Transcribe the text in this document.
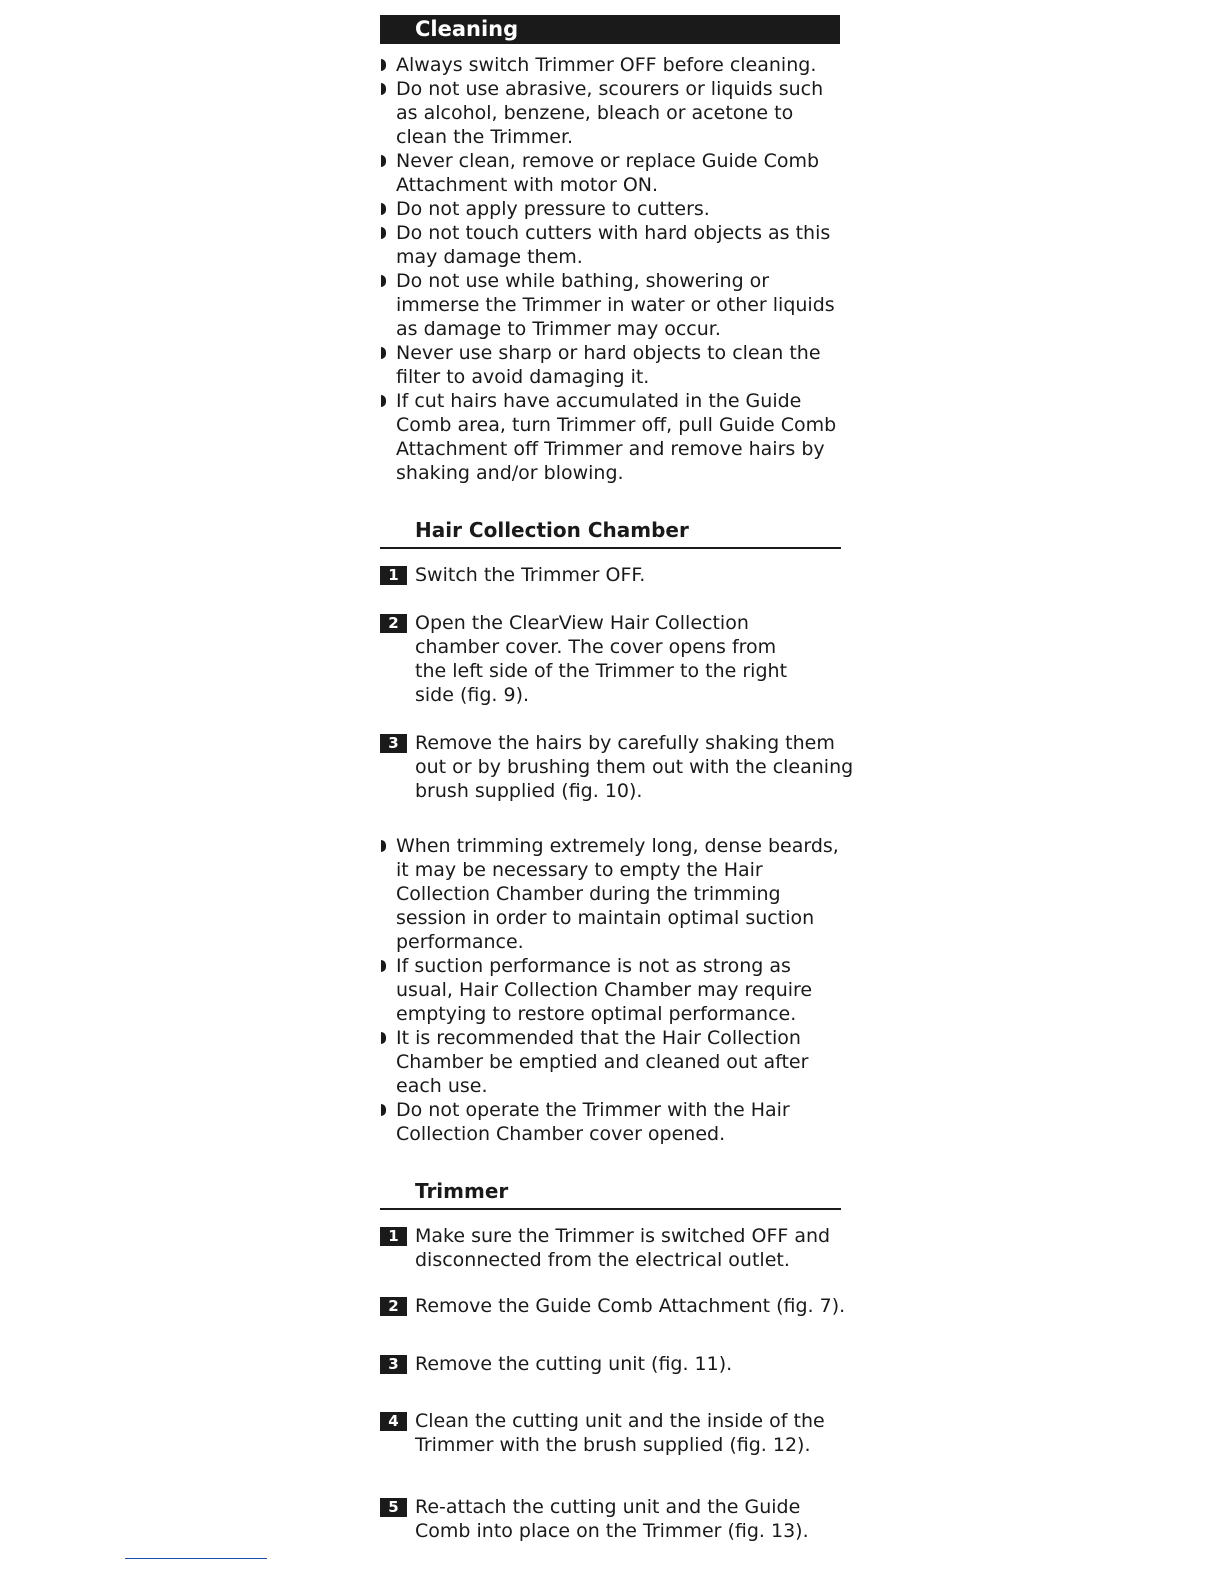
Cleaning
Always switch Trimmer OFF before cleaning.
Do not use abrasive, scourers or liquids such as alcohol, benzene, bleach or acetone to clean the Trimmer.
Never clean, remove or replace Guide Comb Attachment with motor ON.
Do not apply pressure to cutters.
Do not touch cutters with hard objects as this may damage them.
Do not use while bathing, showering or immerse the Trimmer in water or other liquids as damage to Trimmer may occur.
Never use sharp or hard objects to clean the filter to avoid damaging it.
If cut hairs have accumulated in the Guide Comb area, turn Trimmer off, pull Guide Comb Attachment off Trimmer and remove hairs by shaking and/or blowing.
Hair Collection Chamber
1 Switch the Trimmer OFF.
2 Open the ClearView Hair Collection chamber cover. The cover opens from the left side of the Trimmer to the right side (fig. 9).
3 Remove the hairs by carefully shaking them out or by brushing them out with the cleaning brush supplied (fig. 10).
When trimming extremely long, dense beards, it may be necessary to empty the Hair Collection Chamber during the trimming session in order to maintain optimal suction performance.
If suction performance is not as strong as usual, Hair Collection Chamber may require emptying to restore optimal performance.
It is recommended that the Hair Collection Chamber be emptied and cleaned out after each use.
Do not operate the Trimmer with the Hair Collection Chamber cover opened.
Trimmer
1 Make sure the Trimmer is switched OFF and disconnected from the electrical outlet.
2 Remove the Guide Comb Attachment (fig. 7).
3 Remove the cutting unit (fig. 11).
4 Clean the cutting unit and the inside of the Trimmer with the brush supplied (fig. 12).
5 Re-attach the cutting unit and the Guide Comb into place on the Trimmer (fig. 13).
